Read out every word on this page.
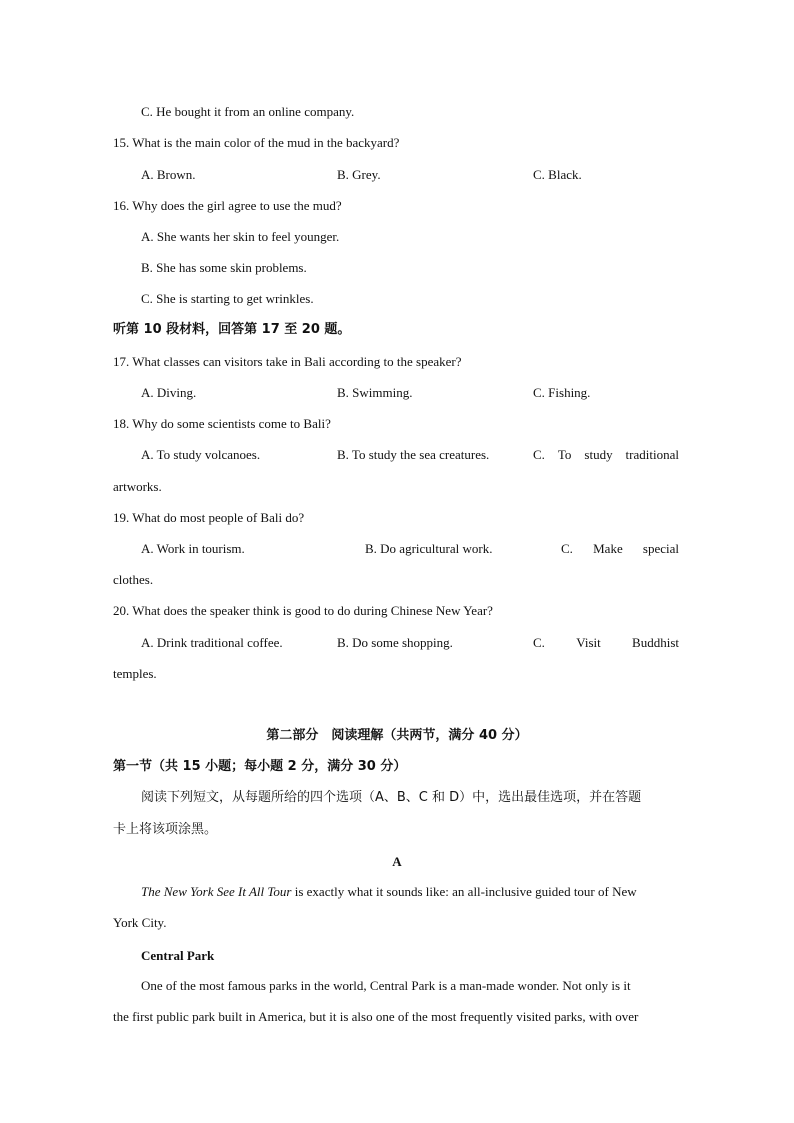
C. He bought it from an online company.
15. What is the main color of the mud in the backyard?
A. Brown.	B. Grey.	C. Black.
16. Why does the girl agree to use the mud?
A. She wants her skin to feel younger.
B. She has some skin problems.
C. She is starting to get wrinkles.
听第 10 段材料，回答第 17 至 20 题。
17. What classes can visitors take in Bali according to the speaker?
A. Diving.	B. Swimming.	C. Fishing.
18. Why do some scientists come to Bali?
A. To study volcanoes.	B. To study the sea creatures.	C. To study traditional
artworks.
19. What do most people of Bali do?
A. Work in tourism.	B. Do agricultural work.	C. Make special
clothes.
20. What does the speaker think is good to do during Chinese New Year?
A. Drink traditional coffee.	B. Do some shopping.	C. Visit Buddhist
temples.
第二部分　阅读理解（共两节，满分 40 分）
第一节（共 15 小题；每小题 2 分，满分 30 分）
阅读下列短文，从每题所给的四个选项（A、B、C 和 D）中，选出最佳选项，并在答题
卡上将该项涂黑。
A
The New York See It All Tour is exactly what it sounds like: an all-inclusive guided tour of New
York City.
Central Park
One of the most famous parks in the world, Central Park is a man-made wonder. Not only is it
the first public park built in America, but it is also one of the most frequently visited parks, with over
